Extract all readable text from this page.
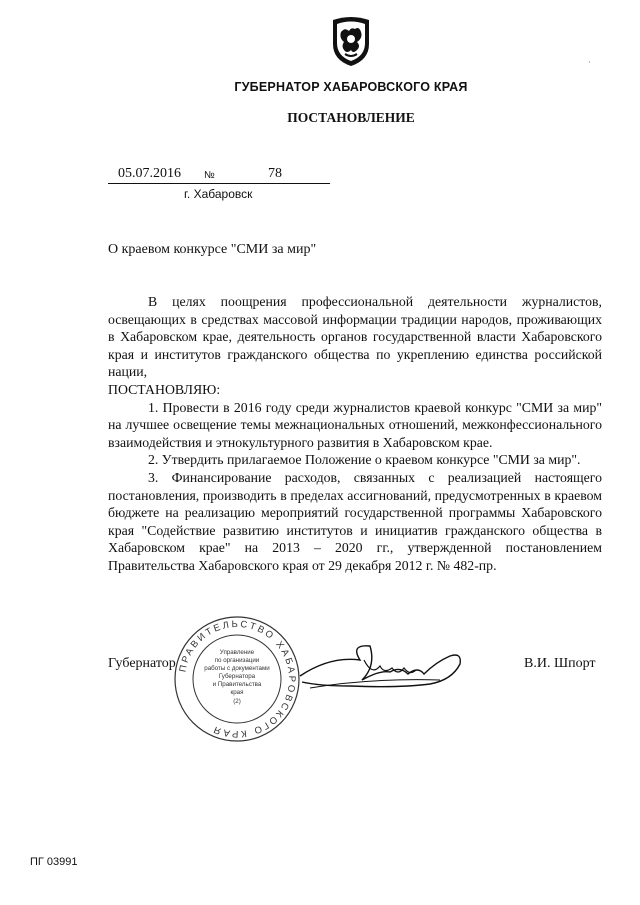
ГУБЕРНАТОР ХАБАРОВСКОГО КРАЯ
ПОСТАНОВЛЕНИЕ
05.07.2016 №	78
г. Хабаровск
О краевом конкурсе "СМИ за мир"

В целях поощрения профессиональной деятельности журналистов, освещающих в средствах массовой информации традиции народов, проживающих в Хабаровском крае, деятельность органов государственной власти Хабаровского края и институтов гражданского общества по укреплению единства российской нации,

ПОСТАНОВЛЯЮ:

1. Провести в 2016 году среди журналистов краевой конкурс "СМИ за мир" на лучшее освещение темы межнациональных отношений, межконфессионального взаимодействия и этнокультурного развития в Хабаровском крае.

2. Утвердить прилагаемое Положение о краевом конкурсе "СМИ за мир".

3. Финансирование расходов, связанных с реализацией настоящего постановления, производить в пределах ассигнований, предусмотренных в краевом бюджете на реализацию мероприятий государственной программы Хабаровского края "Содействие развитию институтов и инициатив гражданского общества в Хабаровском крае" на 2013 – 2020 гг., утвержденной постановлением Правительства Хабаровского края от 29 декабря 2012 г. № 482-пр.

Губернатор	В.И. Шпорт
ПРАВИТЕЛЬСТВО ХАБАРОВСКОГО КРАЯ
Управление
по организации
работы с документами
Губернатора
и Правительства
края
(2)
·
ПГ 03991
